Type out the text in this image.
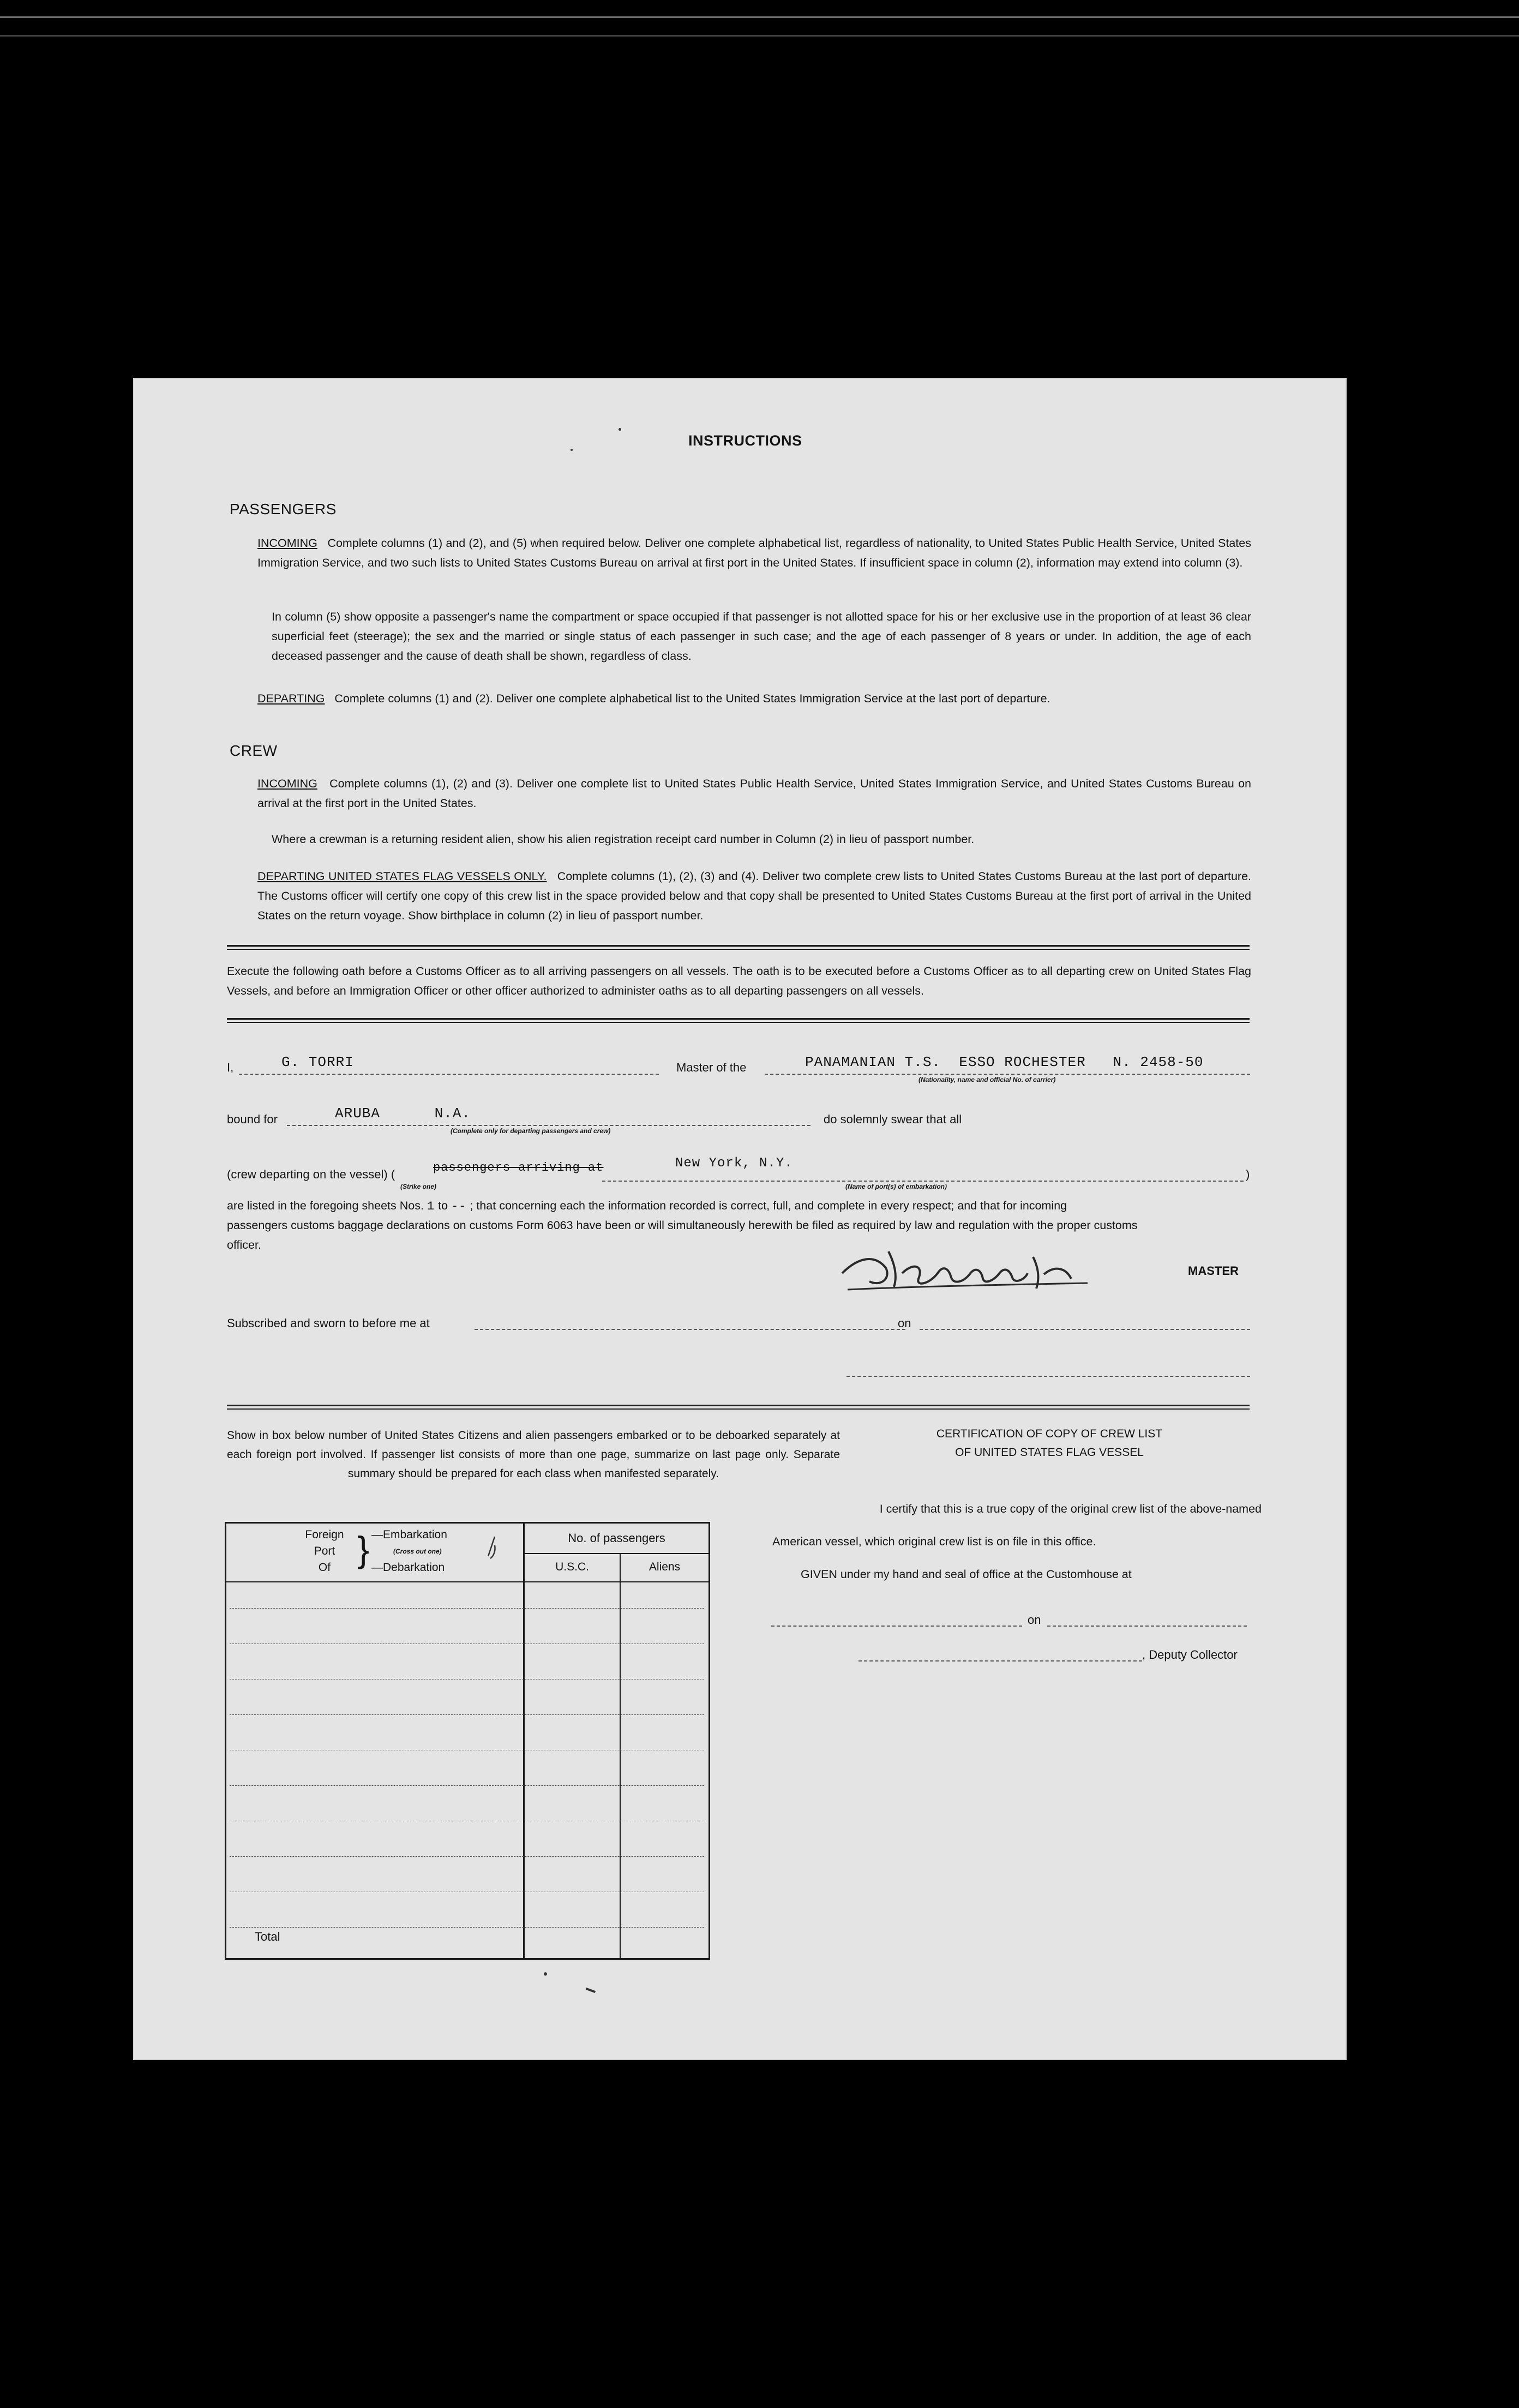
INSTRUCTIONS
PASSENGERS
INCOMING Complete columns (1) and (2), and (5) when required below. Deliver one complete alphabetical list, regardless of nationality, to United States Public Health Service, United States Immigration Service, and two such lists to United States Customs Bureau on arrival at first port in the United States. If insufficient space in column (2), information may extend into column (3).
In column (5) show opposite a passenger's name the compartment or space occupied if that passenger is not allotted space for his or her exclusive use in the proportion of at least 36 clear superficial feet (steerage); the sex and the married or single status of each passenger in such case; and the age of each passenger of 8 years or under. In addition, the age of each deceased passenger and the cause of death shall be shown, regardless of class.
DEPARTING Complete columns (1) and (2). Deliver one complete alphabetical list to the United States Immigration Service at the last port of departure.
CREW
INCOMING Complete columns (1), (2) and (3). Deliver one complete list to United States Public Health Service, United States Immigration Service, and United States Customs Bureau on arrival at the first port in the United States.
Where a crewman is a returning resident alien, show his alien registration receipt card number in Column (2) in lieu of passport number.
DEPARTING UNITED STATES FLAG VESSELS ONLY. Complete columns (1), (2), (3) and (4). Deliver two complete crew lists to United States Customs Bureau at the last port of departure. The Customs officer will certify one copy of this crew list in the space provided below and that copy shall be presented to United States Customs Bureau at the first port of arrival in the United States on the return voyage. Show birthplace in column (2) in lieu of passport number.
Execute the following oath before a Customs Officer as to all arriving passengers on all vessels. The oath is to be executed before a Customs Officer as to all departing crew on United States Flag Vessels, and before an Immigration Officer or other officer authorized to administer oaths as to all departing passengers on all vessels.
I,	G. TORRI	Master of the	PANAMANIAN T.S.  ESSO ROCHESTER   N. 2458-50
(Nationality, name and official No. of carrier)
bound for	ARUBA      N.A.
(Complete only for departing passengers and crew)
do solemnly swear that all
(crew departing on the vessel) (	passengers arriving at	New York, N.Y.
)
(Strike one)	(Name of port(s) of embarkation)
are listed in the foregoing sheets Nos. 1 to -- ; that concerning each the information recorded is correct, full, and complete in every respect; and that for incoming
passengers customs baggage declarations on customs Form 6063 have been or will simultaneously herewith be filed as required by law and regulation with the proper customs
officer.
MASTER
Subscribed and sworn to before me at	on
Show in box below number of United States Citizens and alien passengers embarked or to be deboarked separately at each foreign port involved. If passenger list consists of more than one page, summarize on last page only. Separate summary should be prepared for each class when manifested separately.
Foreign
Port
Of } —Embarkation
(Cross out one)
—Debarkation
No. of passengers
U.S.C.	Aliens
Total
CERTIFICATION OF COPY OF CREW LIST
OF UNITED STATES FLAG VESSEL
I certify that this is a true copy of the original crew list of the above-named
American vessel, which original crew list is on file in this office.
GIVEN under my hand and seal of office at the Customhouse at
on
, Deputy Collector
